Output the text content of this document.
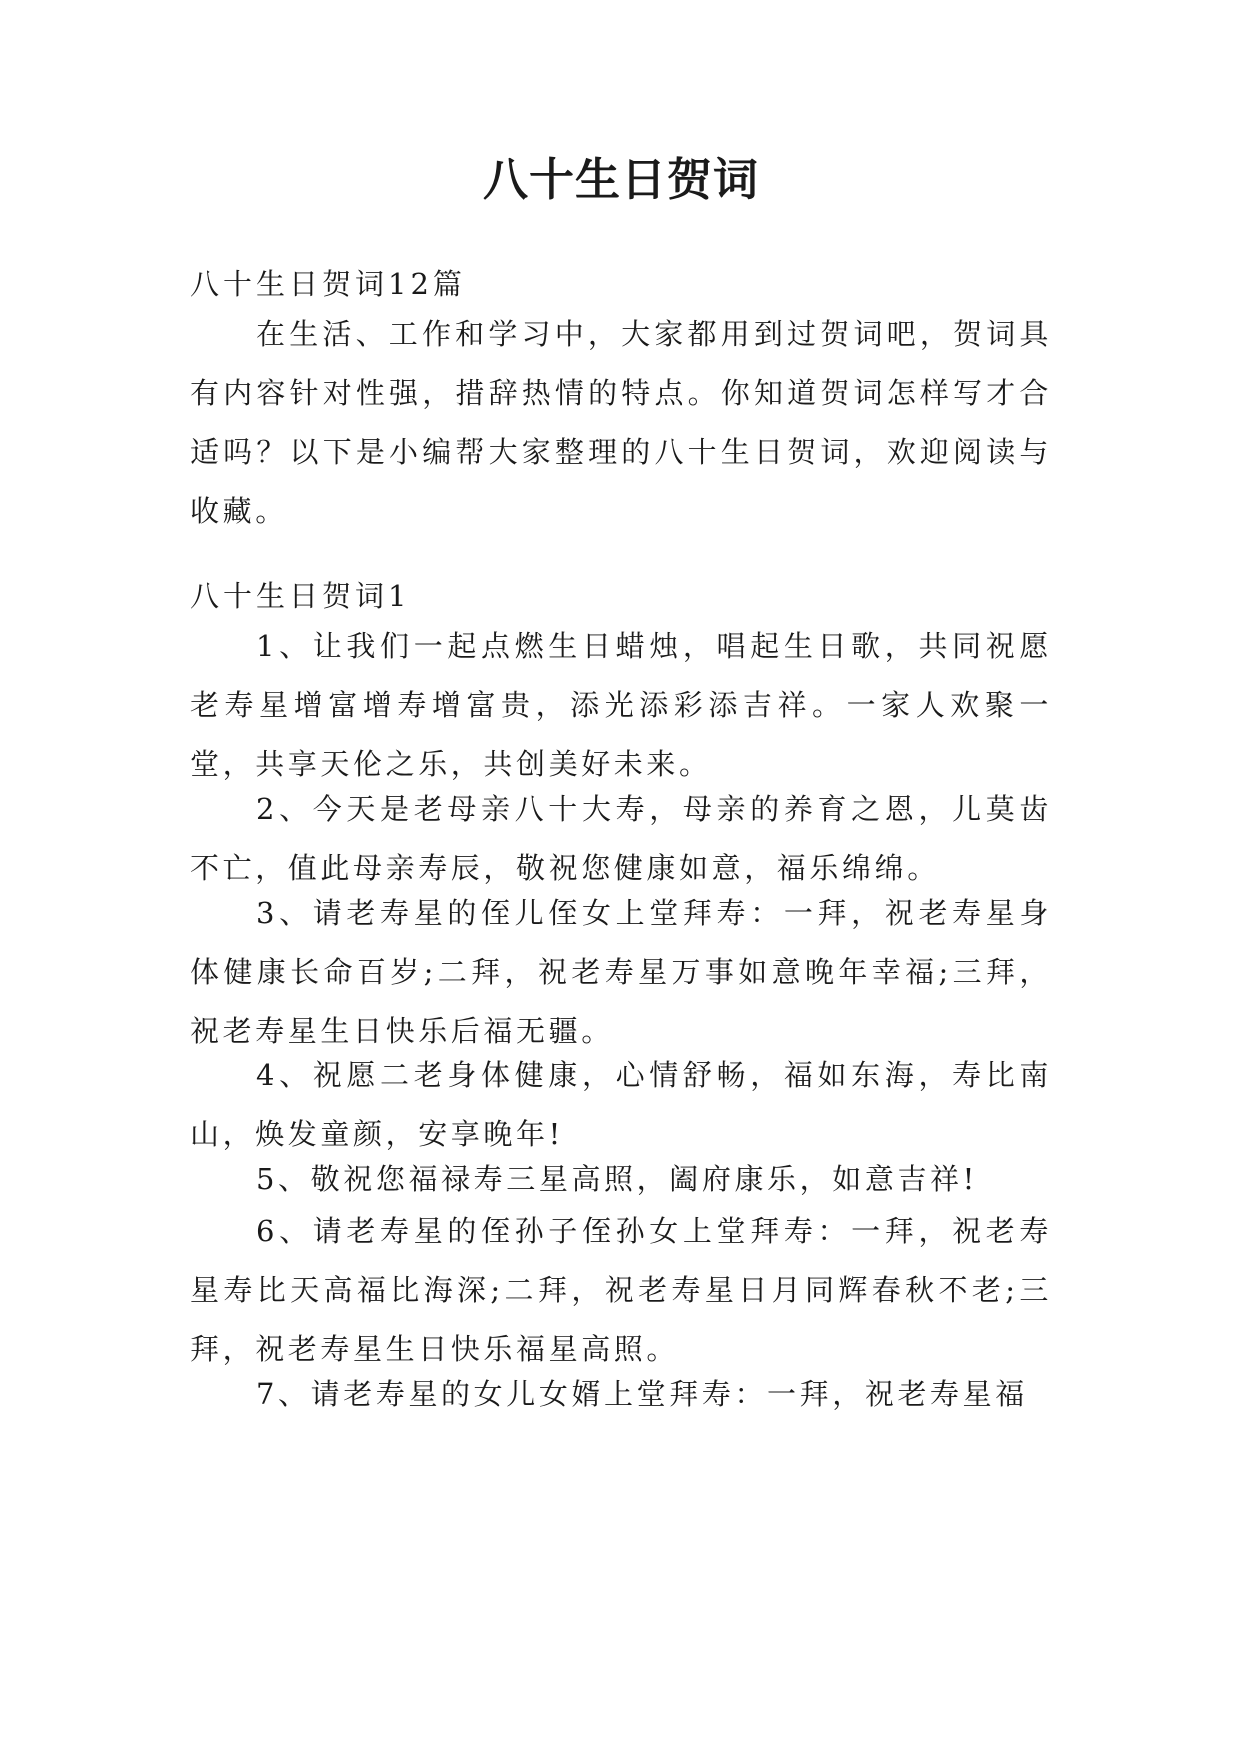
八十生日贺词

八十生日贺词12篇

在生活、工作和学习中，大家都用到过贺词吧，贺词具有内容针对性强，措辞热情的特点。你知道贺词怎样写才合适吗？以下是小编帮大家整理的八十生日贺词，欢迎阅读与收藏。

八十生日贺词1

1、让我们一起点燃生日蜡烛，唱起生日歌，共同祝愿老寿星增富增寿增富贵，添光添彩添吉祥。一家人欢聚一堂，共享天伦之乐，共创美好未来。

2、今天是老母亲八十大寿，母亲的养育之恩，儿莫齿不亡，值此母亲寿辰，敬祝您健康如意，福乐绵绵。

3、请老寿星的侄儿侄女上堂拜寿：一拜，祝老寿星身体健康长命百岁;二拜，祝老寿星万事如意晚年幸福;三拜，祝老寿星生日快乐后福无疆。

4、祝愿二老身体健康，心情舒畅，福如东海，寿比南山，焕发童颜，安享晚年!

5、敬祝您福禄寿三星高照，阖府康乐，如意吉祥!

6、请老寿星的侄孙子侄孙女上堂拜寿：一拜，祝老寿星寿比天高福比海深;二拜，祝老寿星日月同辉春秋不老;三拜，祝老寿星生日快乐福星高照。

7、请老寿星的女儿女婿上堂拜寿：一拜，祝老寿星福
